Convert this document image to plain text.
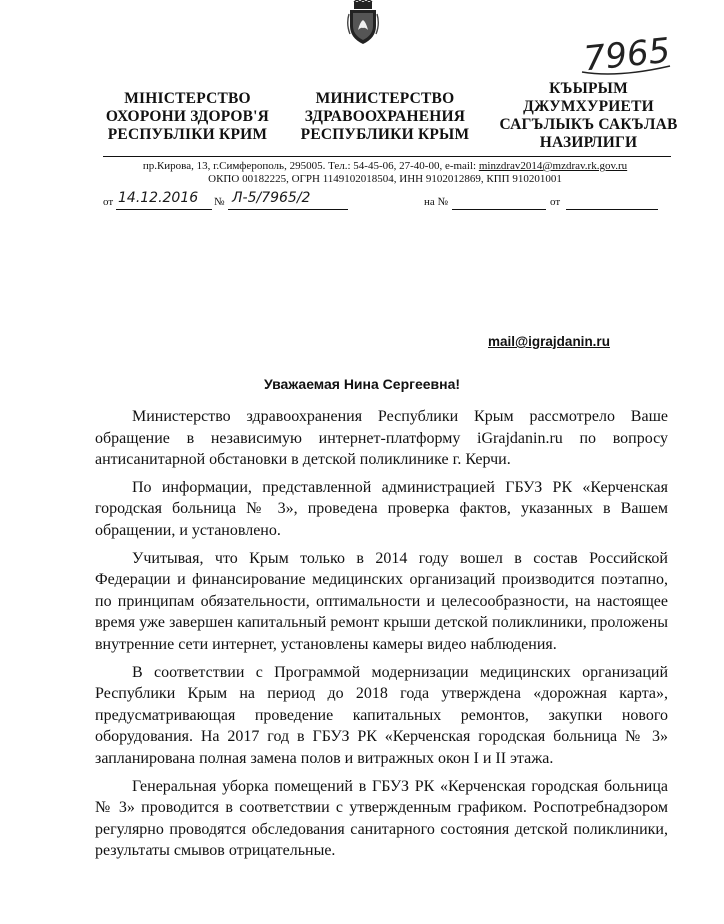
7965
МІНІСТЕРСТВО
ОХОРОНИ ЗДОРОВ'Я
РЕСПУБЛІКИ КРИМ
МИНИСТЕРСТВО
ЗДРАВООХРАНЕНИЯ
РЕСПУБЛИКИ КРЫМ
КЪЫРЫМ
ДЖУМХУРИЕТИ
САГЪЛЫКЪ САКЪЛАВ
НАЗИРЛИГИ
пр.Кирова, 13, г.Симферополь, 295005. Тел.: 54-45-06, 27-40-00, e-mail: minzdrav2014@mzdrav.rk.gov.ru
ОКПО 00182225, ОГРН 1149102018504, ИНН 9102012869, КПП 910201001
от 14.12.2016 № Л-5/7965/2	на №	от
mail@igrajdanin.ru
Уважаемая Нина Сергеевна!

Министерство здравоохранения Республики Крым рассмотрело Ваше обращение в независимую интернет-платформу iGrajdanin.ru по вопросу антисанитарной обстановки в детской поликлинике г. Керчи.

По информации, представленной администрацией ГБУЗ РК «Керченская городская больница № 3», проведена проверка фактов, указанных в Вашем обращении, и установлено.

Учитывая, что Крым только в 2014 году вошел в состав Российской Федерации и финансирование медицинских организаций производится поэтапно, по принципам обязательности, оптимальности и целесообразности, на настоящее время уже завершен капитальный ремонт крыши детской поликлиники, проложены внутренние сети интернет, установлены камеры видео наблюдения.

В соответствии с Программой модернизации медицинских организаций Республики Крым на период до 2018 года утверждена «дорожная карта», предусматривающая проведение капитальных ремонтов, закупки нового оборудования. На 2017 год в ГБУЗ РК «Керченская городская больница № 3» запланирована полная замена полов и витражных окон I и II этажа.

Генеральная уборка помещений в ГБУЗ РК «Керченская городская больница № 3» проводится в соответствии с утвержденным графиком. Роспотребнадзором регулярно проводятся обследования санитарного состояния детской поликлиники, результаты смывов отрицательные.
